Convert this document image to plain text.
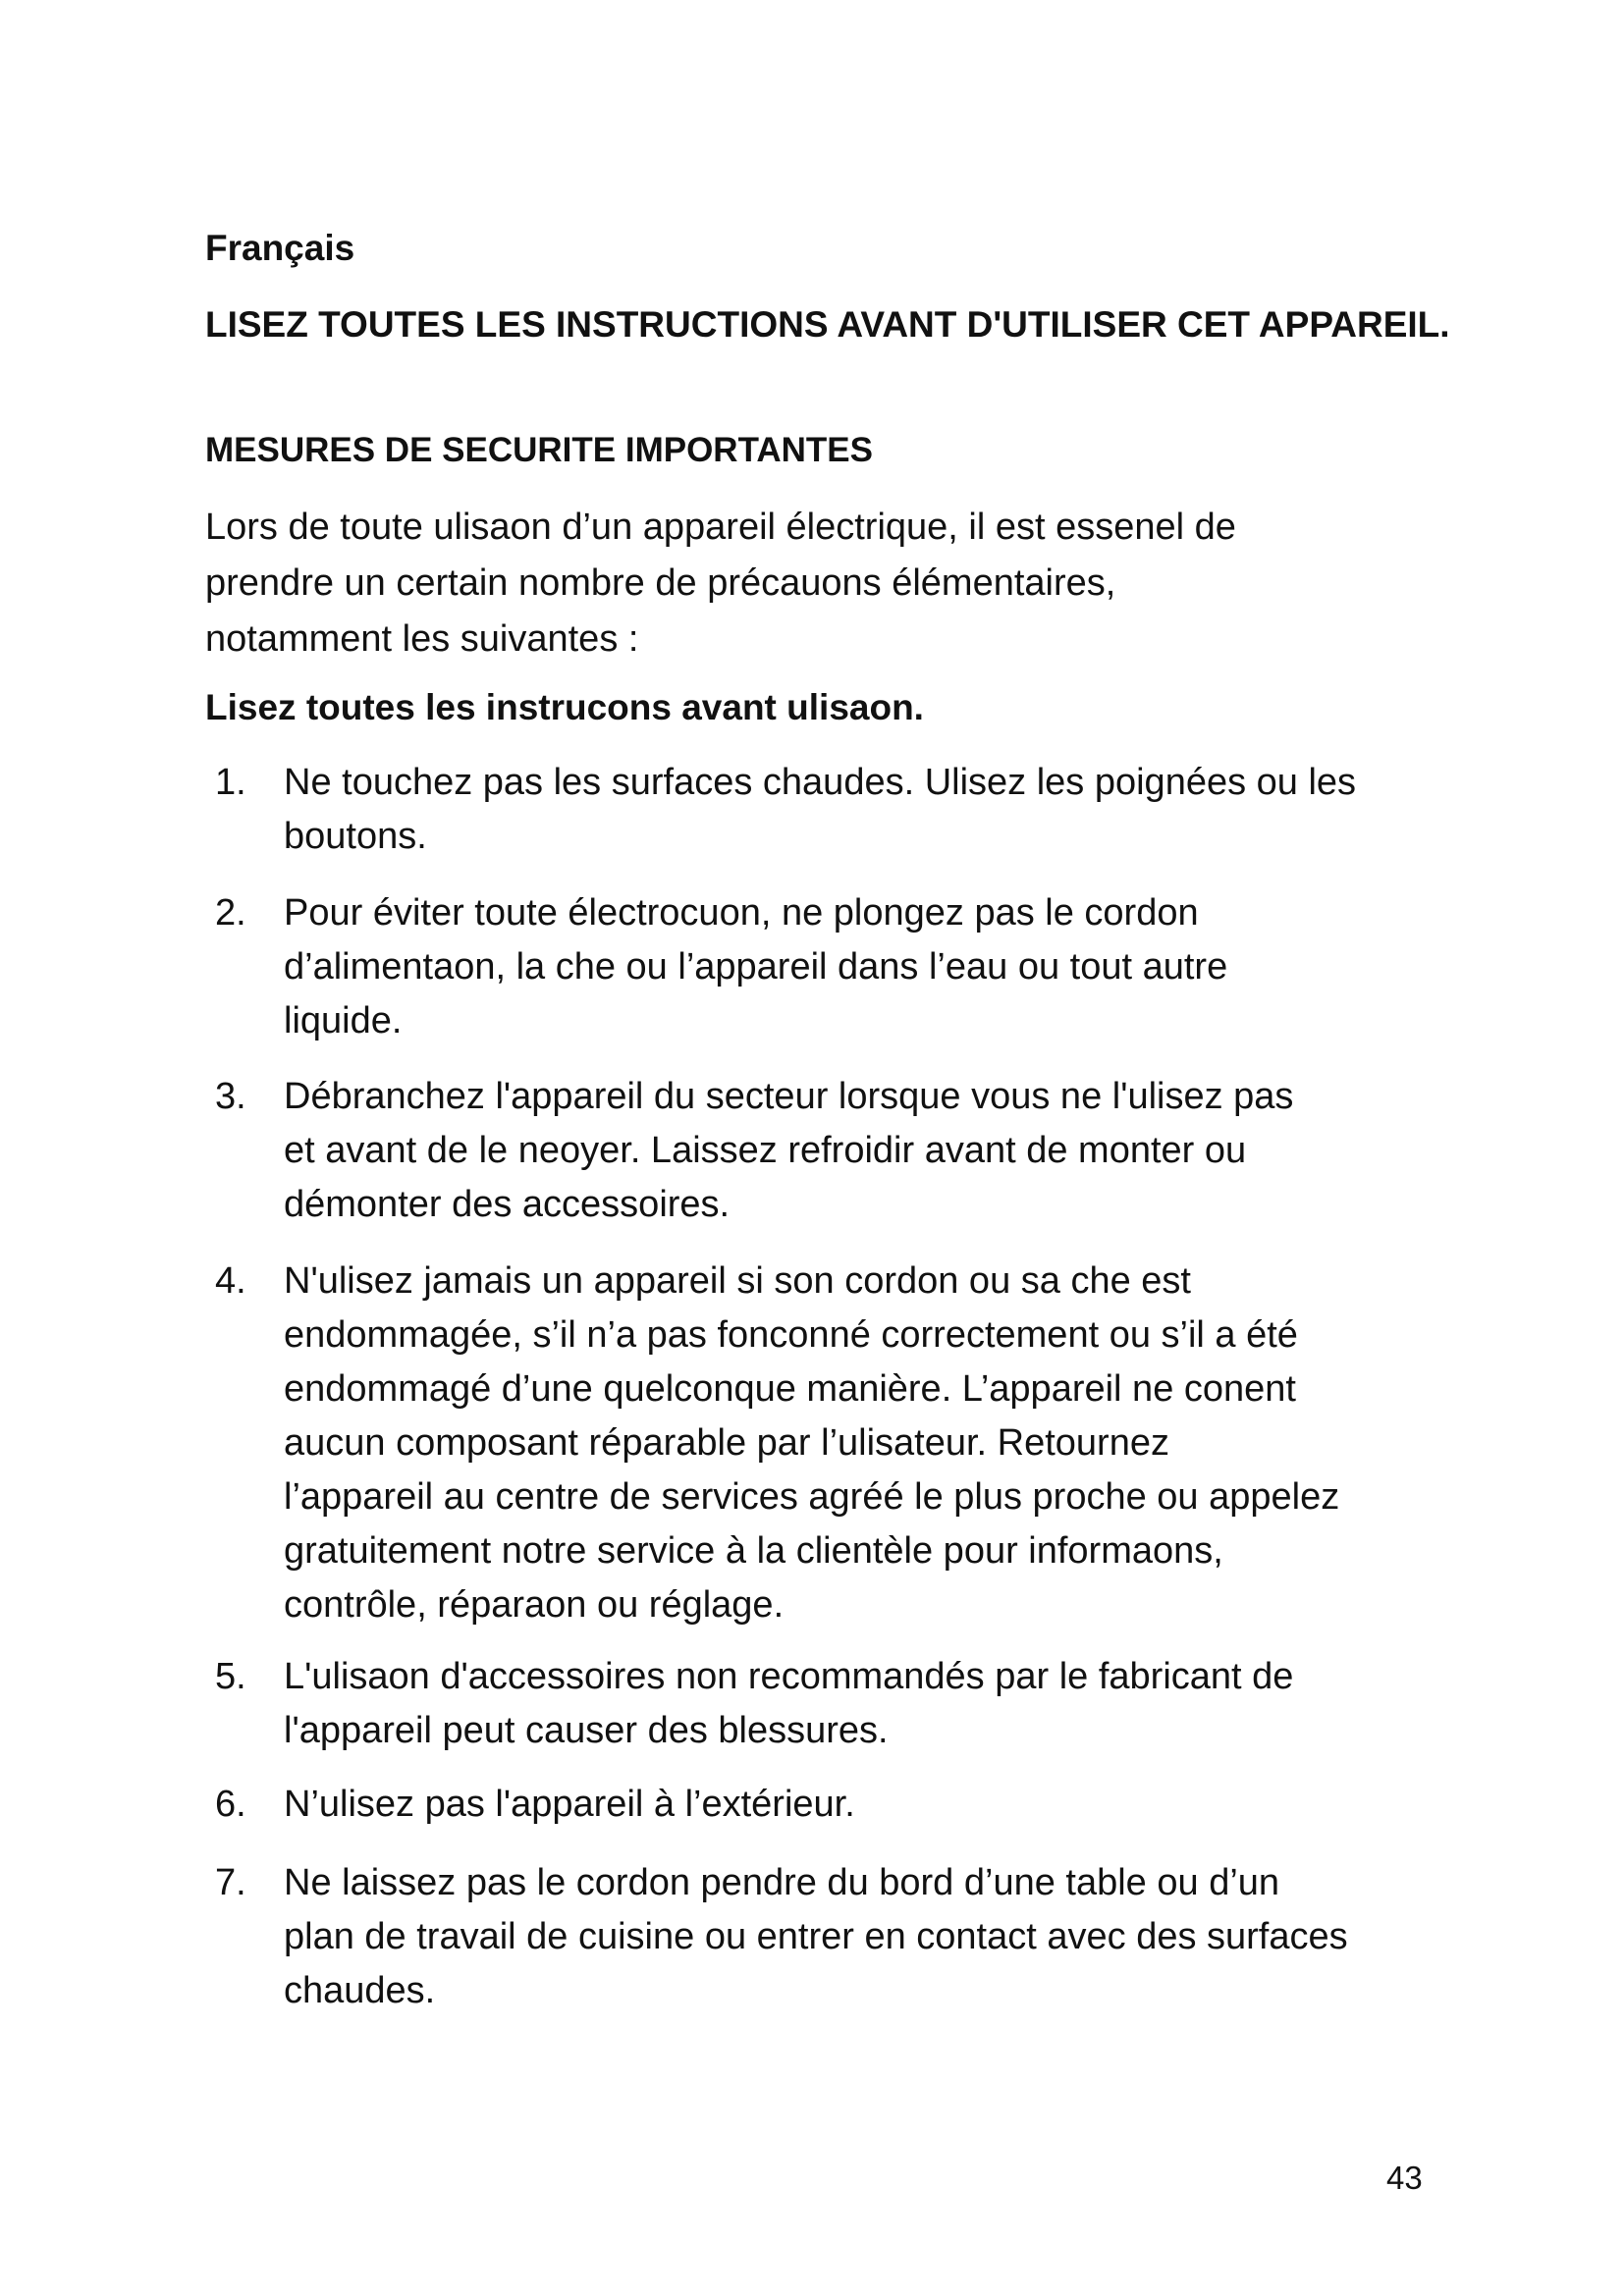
Français
LISEZ TOUTES LES INSTRUCTIONS AVANT D'UTILISER CET APPAREIL.
MESURES DE SECURITE IMPORTANTES

Lors de toute ulisaon d’un appareil électrique, il est essenel de
prendre un certain nombre de précauons élémentaires,
notamment les suivantes :

Lisez toutes les instrucons avant ulisaon.

1.	Ne touchez pas les surfaces chaudes. Ulisez les poignées ou les
boutons.
2.	Pour éviter toute électrocuon, ne plongez pas le cordon
d’alimentaon, la che ou l’appareil dans l’eau ou tout autre
liquide.
3.	Débranchez l'appareil du secteur lorsque vous ne l'ulisez pas
et avant de le neoyer. Laissez refroidir avant de monter ou
démonter des accessoires.
4.	N'ulisez jamais un appareil si son cordon ou sa che est
endommagée, s’il n’a pas fonconné correctement ou s’il a été
endommagé d’une quelconque manière. L’appareil ne conent
aucun composant réparable par l’ulisateur. Retournez
l’appareil au centre de services agréé le plus proche ou appelez
gratuitement notre service à la clientèle pour informaons,
contrôle, réparaon ou réglage.
5.	L'ulisaon d'accessoires non recommandés par le fabricant de
l'appareil peut causer des blessures.
6.	N’ulisez pas l'appareil à l’extérieur.
7.	Ne laissez pas le cordon pendre du bord d’une table ou d’un
plan de travail de cuisine ou entrer en contact avec des surfaces
chaudes.
43
